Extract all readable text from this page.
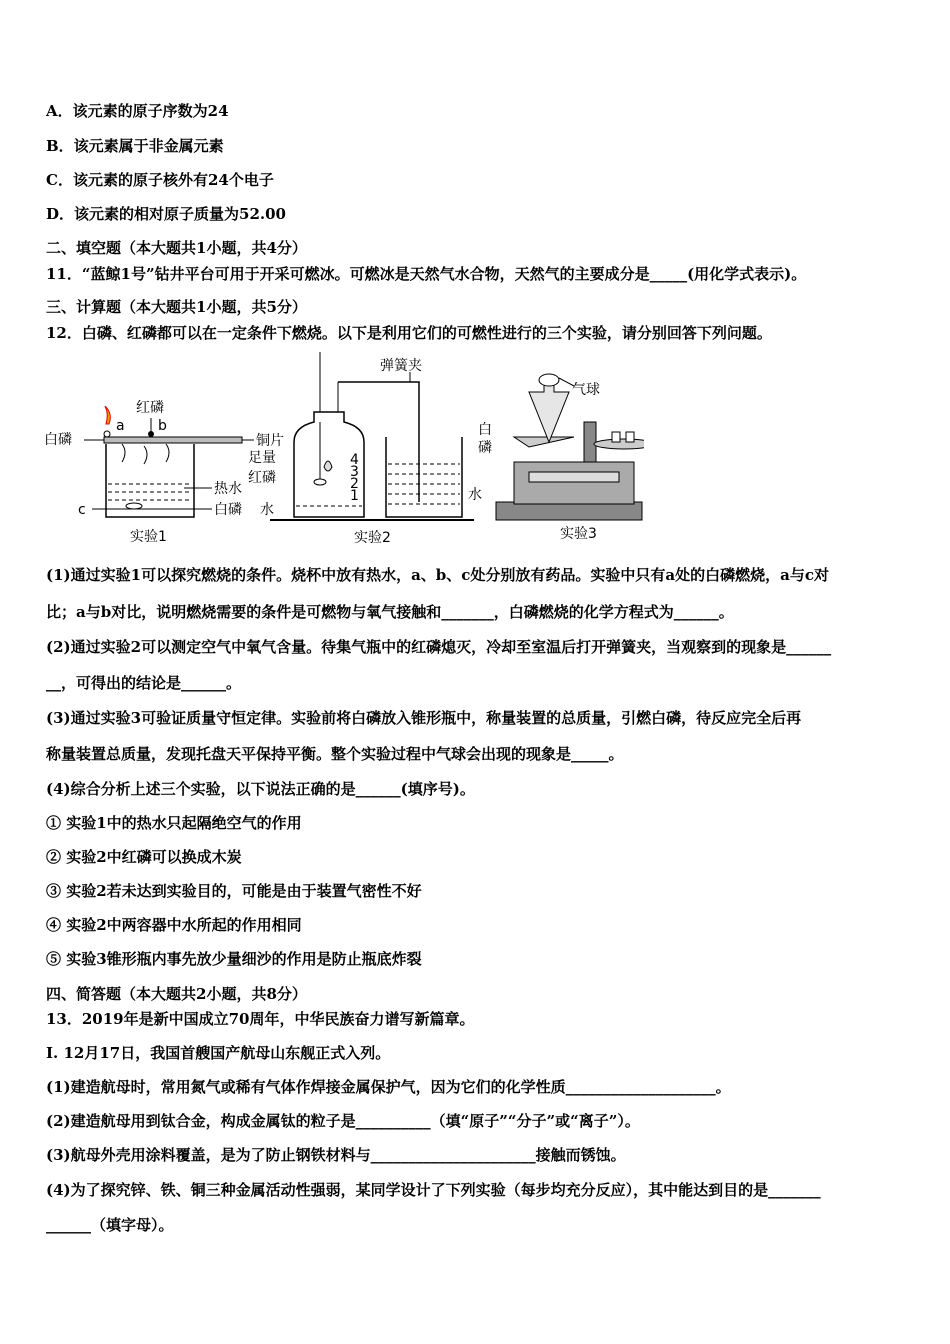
A．该元素的原子序数为24
B．该元素属于非金属元素
C．该元素的原子核外有24个电子
D．该元素的相对原子质量为52.00
二、填空题（本大题共1小题，共4分）
11．“蓝鲸1号”钻井平台可用于开采可燃冰。可燃冰是天然气水合物，天然气的主要成分是_____(用化学式表示)。
三、计算题（本大题共1小题，共5分）
12．白磷、红磷都可以在一定条件下燃烧。以下是利用它们的可燃性进行的三个实验，请分别回答下列问题。
红磷
白磷
a b
c
铜片
热水
白磷
实验1
弹簧夹
足量
红磷
水
水
4
3
2
1
实验2
气球
白
磷
实验3
(1)通过实验1可以探究燃烧的条件。烧杯中放有热水，a、b、c处分别放有药品。实验中只有a处的白磷燃烧，a与c对
比；a与b对比，说明燃烧需要的条件是可燃物与氧气接触和_______，白磷燃烧的化学方程式为______。
(2)通过实验2可以测定空气中氧气含量。待集气瓶中的红磷熄灭，冷却至室温后打开弹簧夹，当观察到的现象是______
__，可得出的结论是______。
(3)通过实验3可验证质量守恒定律。实验前将白磷放入锥形瓶中，称量装置的总质量，引燃白磷，待反应完全后再
称量装置总质量，发现托盘天平保持平衡。整个实验过程中气球会出现的现象是_____。
(4)综合分析上述三个实验，以下说法正确的是______(填序号)。
① 实验1中的热水只起隔绝空气的作用
② 实验2中红磷可以换成木炭
③ 实验2若未达到实验目的，可能是由于装置气密性不好
④ 实验2中两容器中水所起的作用相同
⑤ 实验3锥形瓶内事先放少量细沙的作用是防止瓶底炸裂
四、简答题（本大题共2小题，共8分）
13．2019年是新中国成立70周年，中华民族奋力谱写新篇章。
I. 12月17日，我国首艘国产航母山东舰正式入列。
(1)建造航母时，常用氮气或稀有气体作焊接金属保护气，因为它们的化学性质____________________。
(2)建造航母用到钛合金，构成金属钛的粒子是__________（填“原子”“分子”或“离子”）。
(3)航母外壳用涂料覆盖，是为了防止钢铁材料与______________________接触而锈蚀。
(4)为了探究锌、铁、铜三种金属活动性强弱，某同学设计了下列实验（每步均充分反应），其中能达到目的是_______
______（填字母）。
